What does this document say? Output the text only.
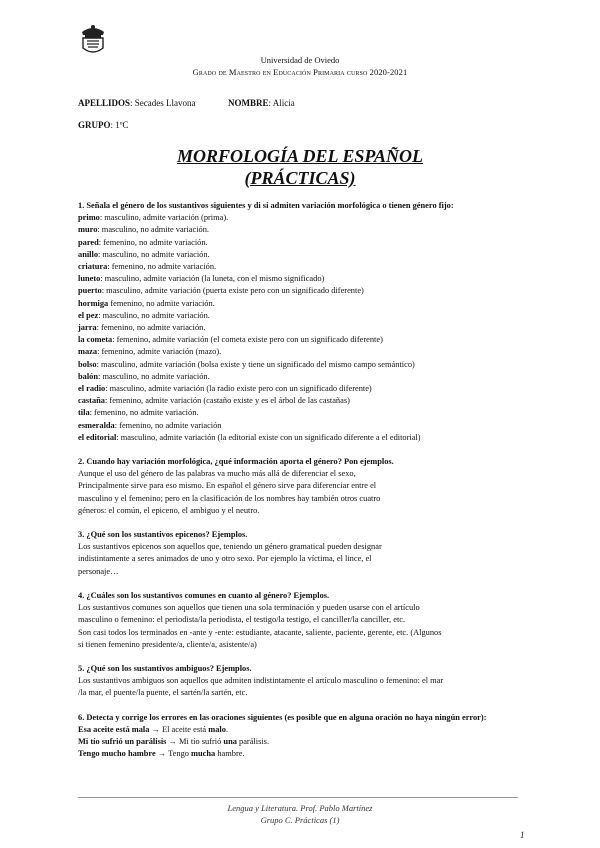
Universidad de Oviedo
Grado de Maestro en Educación Primaria curso 2020-2021
APELLIDOS: Secades Llavona	NOMBRE: Alicia
GRUPO: 1ºC
MORFOLOGÍA DEL ESPAÑOL
(PRÁCTICAS)
1. Señala el género de los sustantivos siguientes y di si admiten variación morfológica o tienen género fijo:
primo: masculino, admite variación (prima).
muro: masculino, no admite variación.
pared: femenino, no admite variación.
anillo: masculino, no admite variación.
criatura: femenino, no admite variación.
luneto: masculino, admite variación (la luneta, con el mismo significado)
puerto: masculino, admite variación (puerta existe pero con un significado diferente)
hormiga femenino, no admite variación.
el pez: masculino, no admite variación.
jarra: femenino, no admite variación.
la cometa: femenino, admite variación (el cometa existe pero con un significado diferente)
maza: femenino, admite variación (mazo).
bolso: masculino, admite variación (bolsa existe y tiene un significado del mismo campo semántico)
balón: masculino, no admite variación.
el radio: masculino, admite variación (la radio existe pero con un significado diferente)
castaña: femenino, admite variación (castaño existe y es el árbol de las castañas)
tila: femenino, no admite variación.
esmeralda: femenino, no admite variación
el editorial: masculino, admite variación (la editorial existe con un significado diferente a el editorial)
2. Cuando hay variación morfológica, ¿qué información aporta el género? Pon ejemplos.
Aunque el uso del género de las palabras va mucho más allá de diferenciar el sexo,
Principalmente sirve para eso mismo. En español el género sirve para diferenciar entre el
masculino y el femenino; pero en la clasificación de los nombres hay también otros cuatro
géneros: el común, el epiceno, el ambiguo y el neutro.
3. ¿Qué son los sustantivos epicenos? Ejemplos.
Los sustantivos epicenos son aquellos que, teniendo un género gramatical pueden designar
indistintamente a seres animados de uno y otro sexo. Por ejemplo la víctima, el lince, el
personaje…
4. ¿Cuáles son los sustantivos comunes en cuanto al género? Ejemplos.
Los sustantivos comunes son aquellos que tienen una sola terminación y pueden usarse con el artículo
masculino o femenino: el periodista/la periodista, el testigo/la testigo, el canciller/la canciller, etc.
Son casi todos los terminados en -ante y -ente: estudiante, atacante, saliente, paciente, gerente, etc. (Algunos
si tienen femenino presidente/a, cliente/a, asistente/a)
5. ¿Qué son los sustantivos ambiguos? Ejemplos.
Los sustantivos ambiguos son aquellos que admiten indistintamente el artículo masculino o femenino: el mar
/la mar, el puente/la puente, el sartén/la sartén, etc.
6. Detecta y corrige los errores en las oraciones siguientes (es posible que en alguna oración no haya ningún error):
Esa aceite está mala → El aceite está malo.
Mi tío sufrió un parálisis → Mi tío sufrió una parálisis.
Tengo mucho hambre → Tengo mucha hambre.
Lengua y Literatura. Prof. Pablo Martínez
Grupo C. Prácticas (1)
1
